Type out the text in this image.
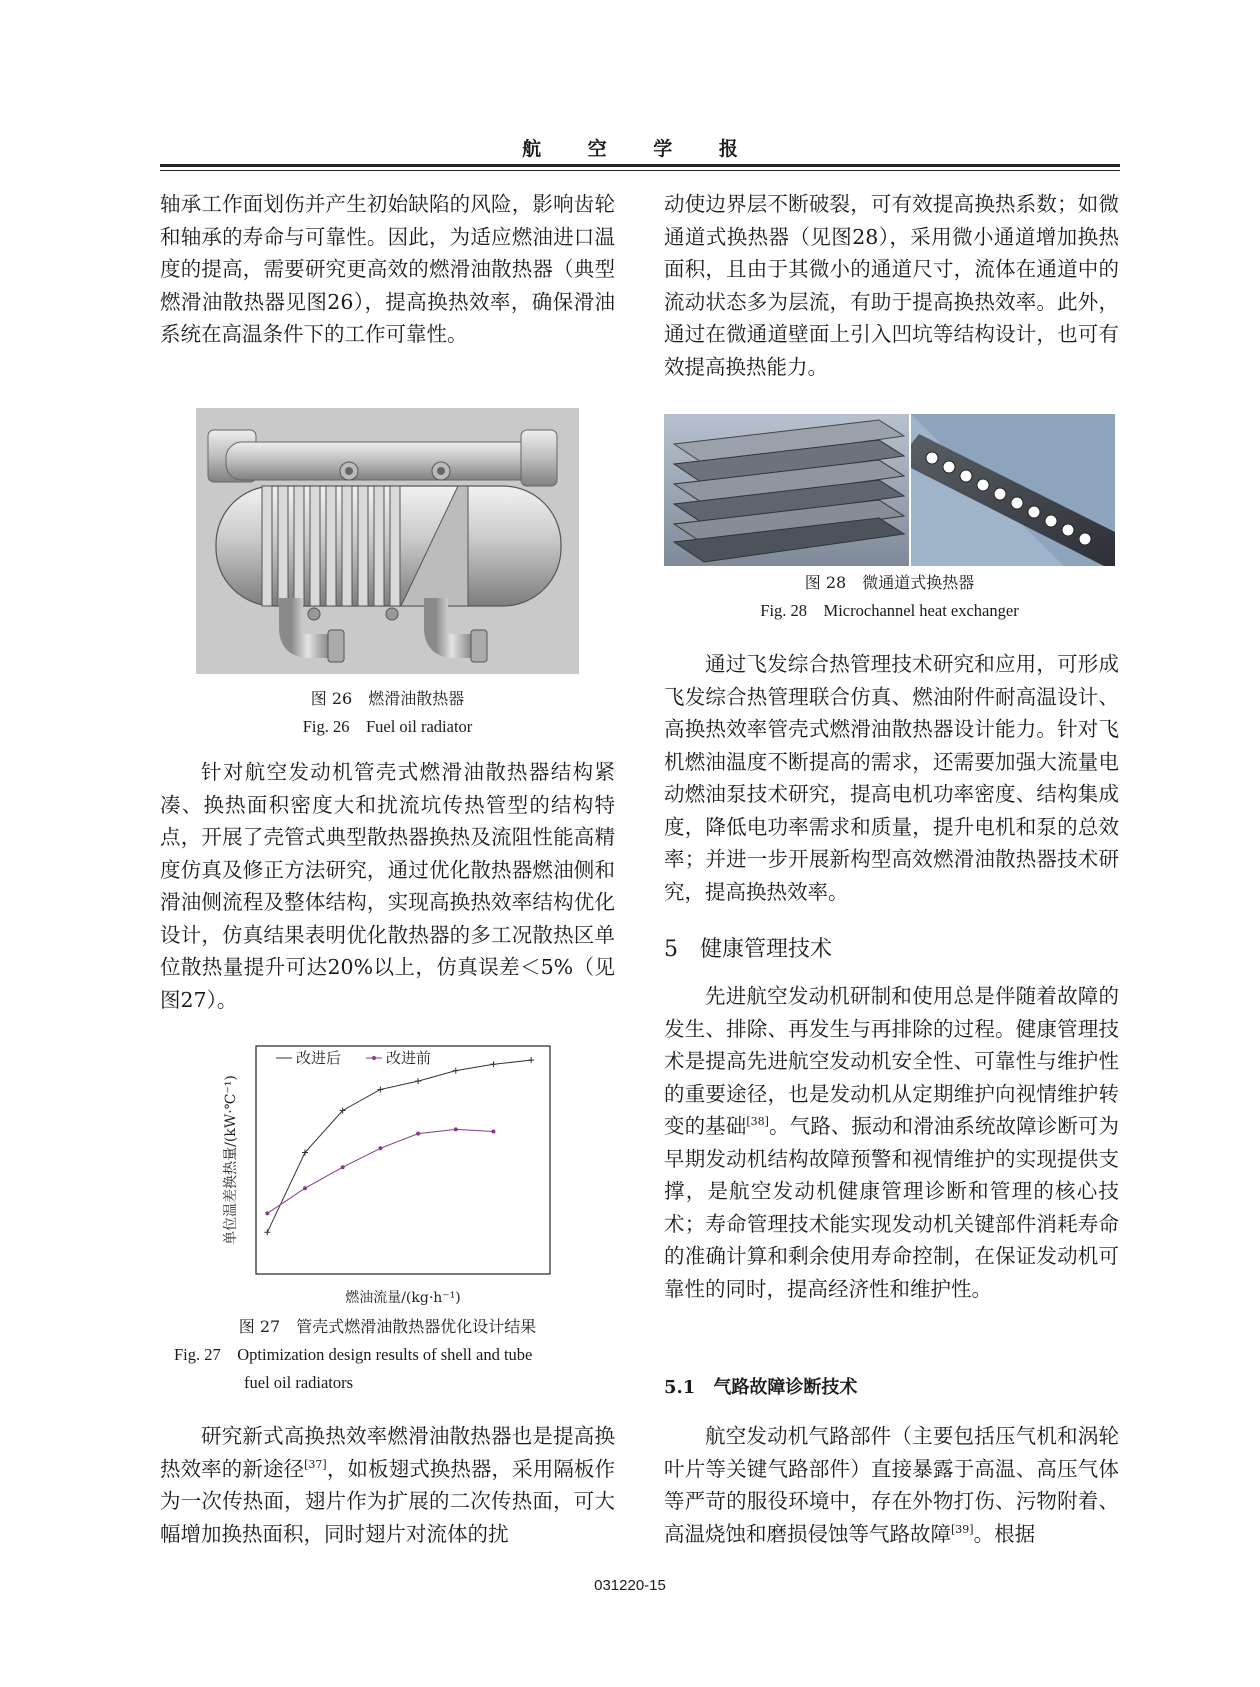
航 空 学 报

轴承工作面划伤并产生初始缺陷的风险，影响齿轮和轴承的寿命与可靠性。因此，为适应燃油进口温度的提高，需要研究更高效的燃滑油散热器（典型燃滑油散热器见图26），提高换热效率，确保滑油系统在高温条件下的工作可靠性。

图 26　燃滑油散热器
Fig. 26　Fuel oil radiator

针对航空发动机管壳式燃滑油散热器结构紧凑、换热面积密度大和扰流坑传热管型的结构特点，开展了壳管式典型散热器换热及流阻性能高精度仿真及修正方法研究，通过优化散热器燃油侧和滑油侧流程及整体结构，实现高换热效率结构优化设计，仿真结果表明优化散热器的多工况散热区单位散热量提升可达20%以上，仿真误差＜5%（见图27）。

改进后	改进前
燃油流量/(kg·h⁻¹)
单位温差换热量/(kW·℃⁻¹)
图 27　管壳式燃滑油散热器优化设计结果
Fig. 27　Optimization design results of shell and tube
fuel oil radiators

研究新式高换热效率燃滑油散热器也是提高换热效率的新途径[37]，如板翅式换热器，采用隔板作为一次传热面，翅片作为扩展的二次传热面，可大幅增加换热面积，同时翅片对流体的扰

动使边界层不断破裂，可有效提高换热系数；如微通道式换热器（见图28），采用微小通道增加换热面积，且由于其微小的通道尺寸，流体在通道中的流动状态多为层流，有助于提高换热效率。此外，通过在微通道壁面上引入凹坑等结构设计，也可有效提高换热能力。

图 28　微通道式换热器
Fig. 28　Microchannel heat exchanger

通过飞发综合热管理技术研究和应用，可形成飞发综合热管理联合仿真、燃油附件耐高温设计、高换热效率管壳式燃滑油散热器设计能力。针对飞机燃油温度不断提高的需求，还需要加强大流量电动燃油泵技术研究，提高电机功率密度、结构集成度，降低电功率需求和质量，提升电机和泵的总效率；并进一步开展新构型高效燃滑油散热器技术研究，提高换热效率。

5　健康管理技术

先进航空发动机研制和使用总是伴随着故障的发生、排除、再发生与再排除的过程。健康管理技术是提高先进航空发动机安全性、可靠性与维护性的重要途径，也是发动机从定期维护向视情维护转变的基础[38]。气路、振动和滑油系统故障诊断可为早期发动机结构故障预警和视情维护的实现提供支撑，是航空发动机健康管理诊断和管理的核心技术；寿命管理技术能实现发动机关键部件消耗寿命的准确计算和剩余使用寿命控制，在保证发动机可靠性的同时，提高经济性和维护性。

5.1　气路故障诊断技术

航空发动机气路部件（主要包括压气机和涡轮叶片等关键气路部件）直接暴露于高温、高压气体等严苛的服役环境中，存在外物打伤、污物附着、高温烧蚀和磨损侵蚀等气路故障[39]。根据

031220-15
